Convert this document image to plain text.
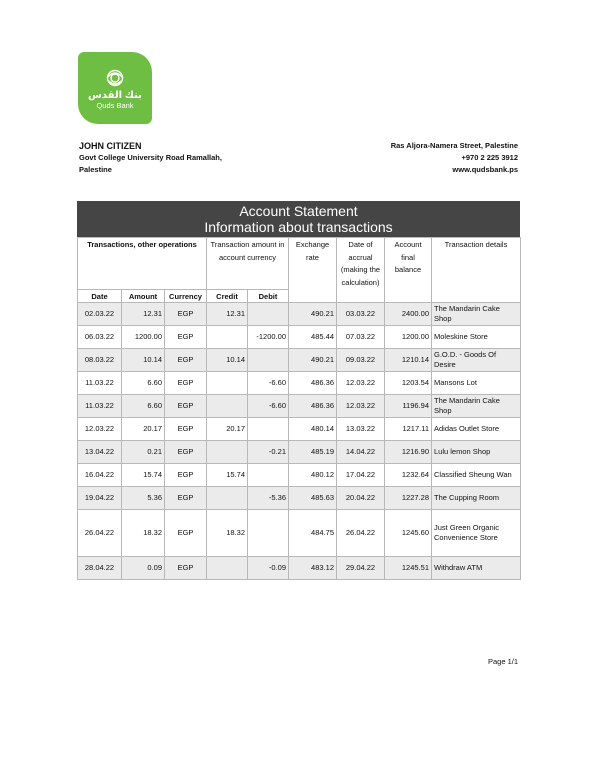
بنك القدس
Quds Bank
JOHN CITIZEN
Govt College University Road Ramallah,
Palestine
Ras Aljora-Namera Street, Palestine
+970 2 225 3912
www.qudsbank.ps
Account Statement
Information about transactions
Transactions, other operations			Transaction amount in account currency		Exchange rate	Date of accrual (making the calculation)	Account final balance	Transaction details
Date	Amount	Currency	Credit	Debit				
02.03.22	12.31	EGP	12.31		490.21	03.03.22	2400.00	The Mandarin Cake Shop
06.03.22	1200.00	EGP		-1200.00	485.44	07.03.22	1200.00	Moleskine Store
08.03.22	10.14	EGP	10.14		490.21	09.03.22	1210.14	G.O.D. - Goods Of Desire
11.03.22	6.60	EGP		-6.60	486.36	12.03.22	1203.54	Mansons Lot
11.03.22	6.60	EGP		-6.60	486.36	12.03.22	1196.94	The Mandarin Cake Shop
12.03.22	20.17	EGP	20.17		480.14	13.03.22	1217.11	Adidas Outlet Store
13.04.22	0.21	EGP		-0.21	485.19	14.04.22	1216.90	Lulu lemon Shop
16.04.22	15.74	EGP	15.74		480.12	17.04.22	1232.64	Classified Sheung Wan
19.04.22	5.36	EGP		-5.36	485.63	20.04.22	1227.28	The Cupping Room
26.04.22	18.32	EGP	18.32		484.75	26.04.22	1245.60	Just Green Organic Convenience Store
28.04.22	0.09	EGP		-0.09	483.12	29.04.22	1245.51	Withdraw ATM
Page 1/1
